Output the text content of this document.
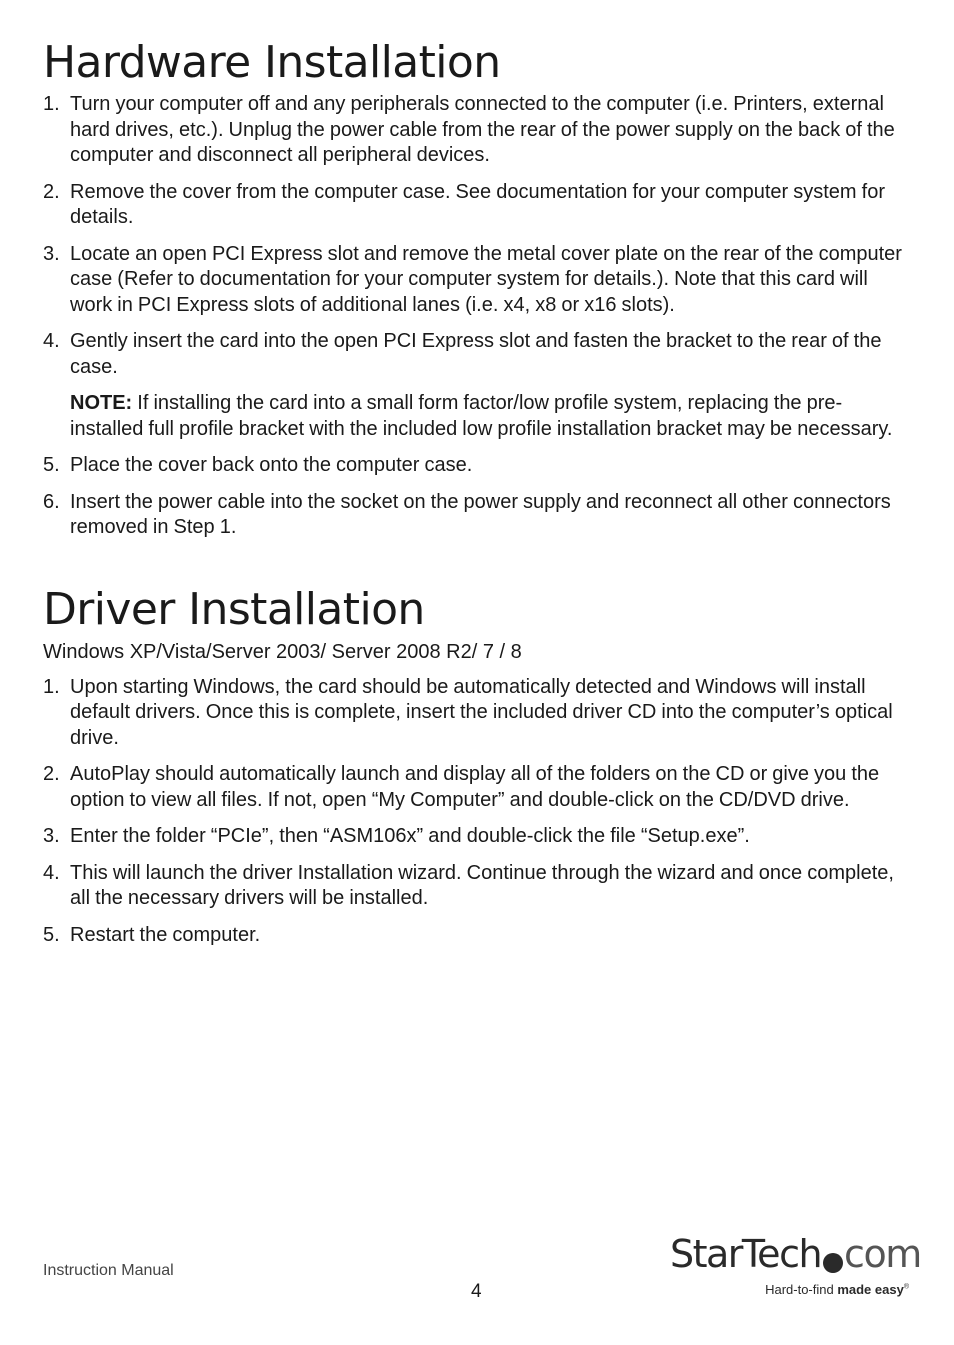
Hardware Installation
1. Turn your computer off and any peripherals connected to the computer (i.e. Printers, external hard drives, etc.). Unplug the power cable from the rear of the power supply on the back of the computer and disconnect all peripheral devices.
2. Remove the cover from the computer case. See documentation for your computer system for details.
3. Locate an open PCI Express slot and remove the metal cover plate on the rear of the computer case (Refer to documentation for your computer system for details.). Note that this card will work in PCI Express slots of additional lanes (i.e. x4, x8 or x16 slots).
4. Gently insert the card into the open PCI Express slot and fasten the bracket to the rear of the case.

NOTE: If installing the card into a small form factor/low profile system, replacing the pre-installed full profile bracket with the included low profile installation bracket may be necessary.

5. Place the cover back onto the computer case.
6. Insert the power cable into the socket on the power supply and reconnect all other connectors removed in Step 1.
Driver Installation

Windows XP/Vista/Server 2003/ Server 2008 R2/ 7 / 8

1. Upon starting Windows, the card should be automatically detected and Windows will install default drivers. Once this is complete, insert the included driver CD into the computer’s optical drive.
2. AutoPlay should automatically launch and display all of the folders on the CD or give you the option to view all files. If not, open “My Computer” and double-click on the CD/DVD drive.
3. Enter the folder “PCIe”, then “ASM106x” and double-click the file “Setup.exe”.
4. This will launch the driver Installation wizard. Continue through the wizard and once complete, all the necessary drivers will be installed.
5. Restart the computer.
Instruction Manual
4
StarTech com
Hard-to-find made easy®
